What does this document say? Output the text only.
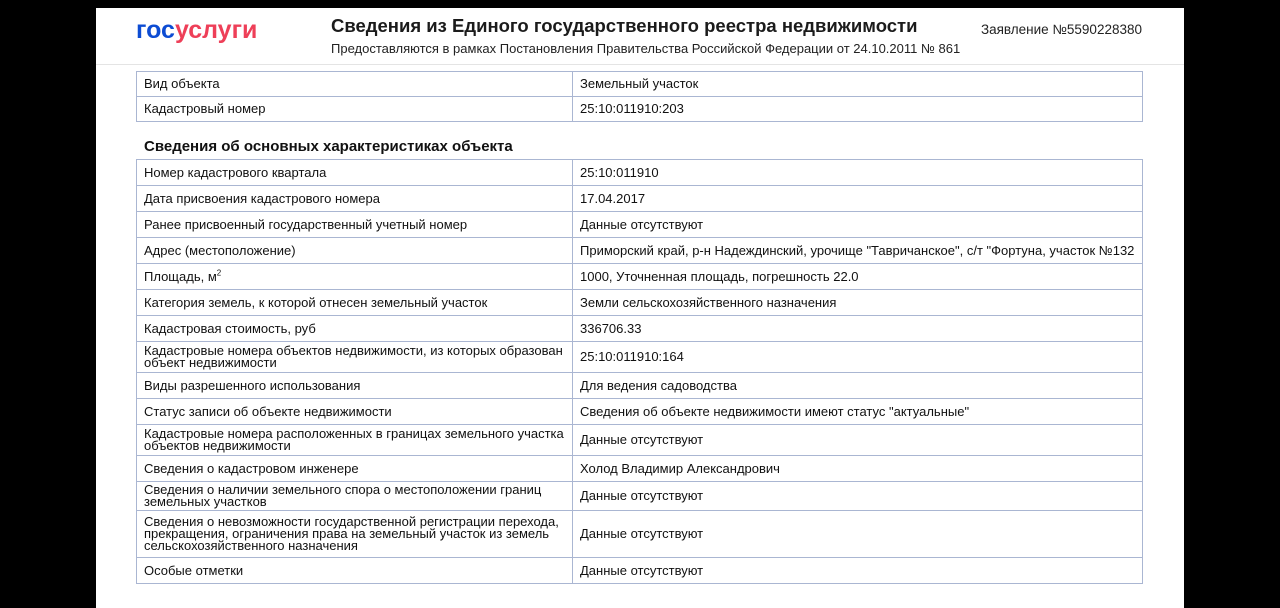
госуслуги	Сведения из Единого государственного реестра недвижимости
Предоставляются в рамках Постановления Правительства Российской Федерации от 24.10.2011 № 861
Заявление №5590228380
Вид объекта	Земельный участок
Кадастровый номер	25:10:011910:203
Сведения об основных характеристиках объекта
Номер кадастрового квартала	25:10:011910
Дата присвоения кадастрового номера	17.04.2017
Ранее присвоенный государственный учетный номер	Данные отсутствуют
Адрес (местоположение)	Приморский край, р-н Надеждинский, урочище "Тавричанское", с/т "Фортуна, участок №132
Площадь, $м^2$	1000, Уточненная площадь, погрешность 22.0
Категория земель, к которой отнесен земельный участок	Земли сельскохозяйственного назначения
Кадастровая стоимость, руб	336706.33
Кадастровые номера объектов недвижимости, из которых образован объект недвижимости	25:10:011910:164
Виды разрешенного использования	Для ведения садоводства
Статус записи об объекте недвижимости	Сведения об объекте недвижимости имеют статус "актуальные"
Кадастровые номера расположенных в границах земельного участка объектов недвижимости	Данные отсутствуют
Сведения о кадастровом инженере	Холод Владимир Александрович
Сведения о наличии земельного спора о местоположении границ земельных участков	Данные отсутствуют
Сведения о невозможности государственной регистрации перехода, прекращения, ограничения права на земельный участок из земель сельскохозяйственного назначения	Данные отсутствуют
Особые отметки	Данные отсутствуют
